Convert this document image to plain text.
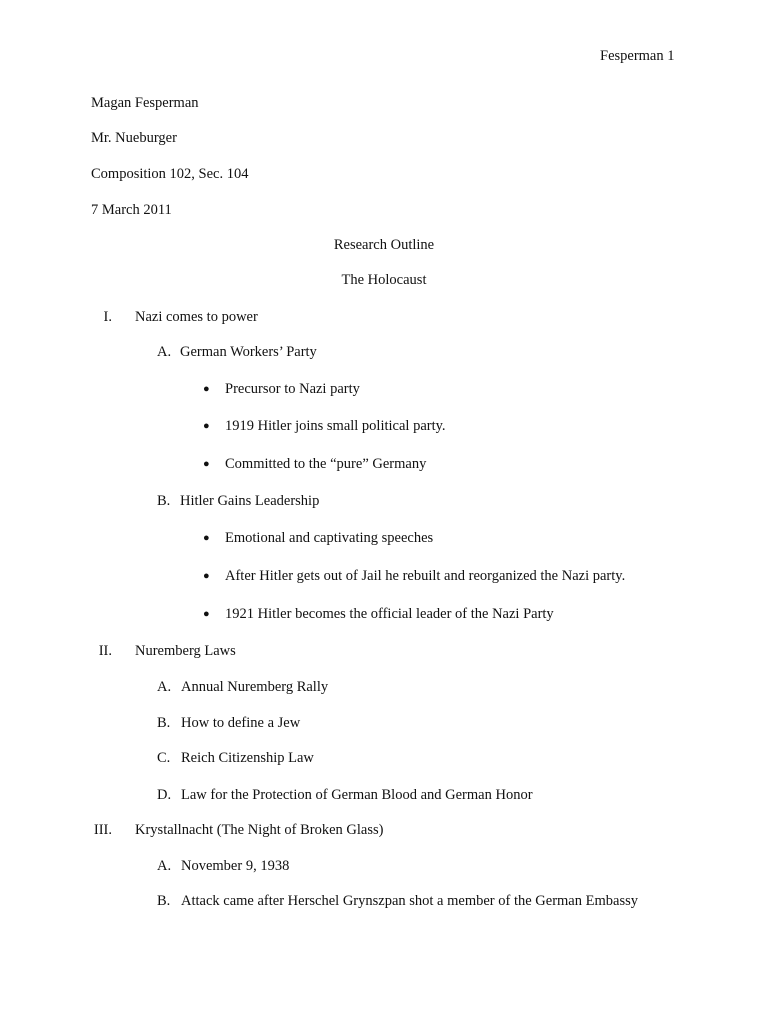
Fesperman 1
Magan Fesperman
Mr. Nueburger
Composition 102, Sec. 104
7 March 2011
Research Outline
The Holocaust
I. Nazi comes to power
A. German Workers’ Party
● Precursor to Nazi party
● 1919 Hitler joins small political party.
● Committed to the “pure” Germany
B. Hitler Gains Leadership
● Emotional and captivating speeches
● After Hitler gets out of Jail he rebuilt and reorganized the Nazi party.
● 1921 Hitler becomes the official leader of the Nazi Party
II. Nuremberg Laws
A. Annual Nuremberg Rally
B. How to define a Jew
C. Reich Citizenship Law
D. Law for the Protection of German Blood and German Honor
III. Krystallnacht (The Night of Broken Glass)
A. November 9, 1938
B. Attack came after Herschel Grynszpan shot a member of the German Embassy
